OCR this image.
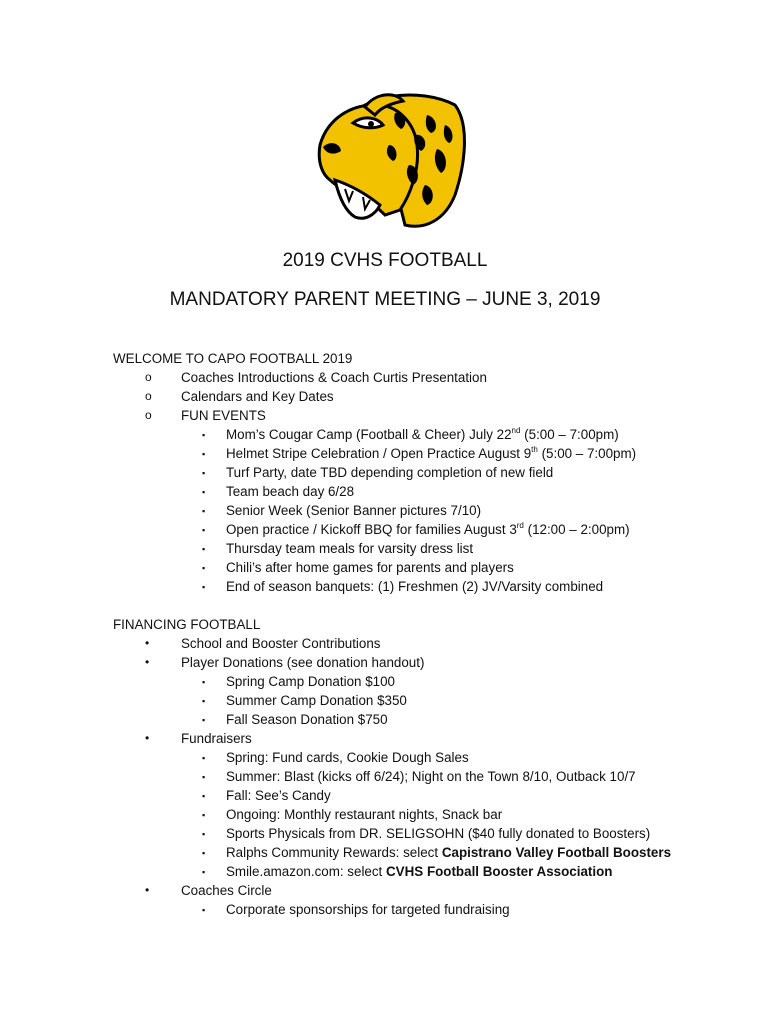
2019 CVHS FOOTBALL
MANDATORY PARENT MEETING – JUNE 3, 2019
WELCOME TO CAPO FOOTBALL 2019
o Coaches Introductions & Coach Curtis Presentation
o Calendars and Key Dates
o FUN EVENTS
▪ Mom’s Cougar Camp (Football & Cheer) July 22nd (5:00 – 7:00pm)
▪ Helmet Stripe Celebration / Open Practice August 9th (5:00 – 7:00pm)
▪ Turf Party, date TBD depending completion of new field
▪ Team beach day 6/28
▪ Senior Week (Senior Banner pictures 7/10)
▪ Open practice / Kickoff BBQ for families August 3rd (12:00 – 2:00pm)
▪ Thursday team meals for varsity dress list
▪ Chili’s after home games for parents and players
▪ End of season banquets: (1) Freshmen (2) JV/Varsity combined
FINANCING FOOTBALL
• School and Booster Contributions
• Player Donations (see donation handout)
▪ Spring Camp Donation $100
▪ Summer Camp Donation $350
▪ Fall Season Donation $750
• Fundraisers
▪ Spring: Fund cards, Cookie Dough Sales
▪ Summer: Blast (kicks off 6/24); Night on the Town 8/10, Outback 10/7
▪ Fall: See’s Candy
▪ Ongoing: Monthly restaurant nights, Snack bar
▪ Sports Physicals from DR. SELIGSOHN ($40 fully donated to Boosters)
▪ Ralphs Community Rewards: select Capistrano Valley Football Boosters
▪ Smile.amazon.com: select CVHS Football Booster Association
• Coaches Circle
▪ Corporate sponsorships for targeted fundraising
